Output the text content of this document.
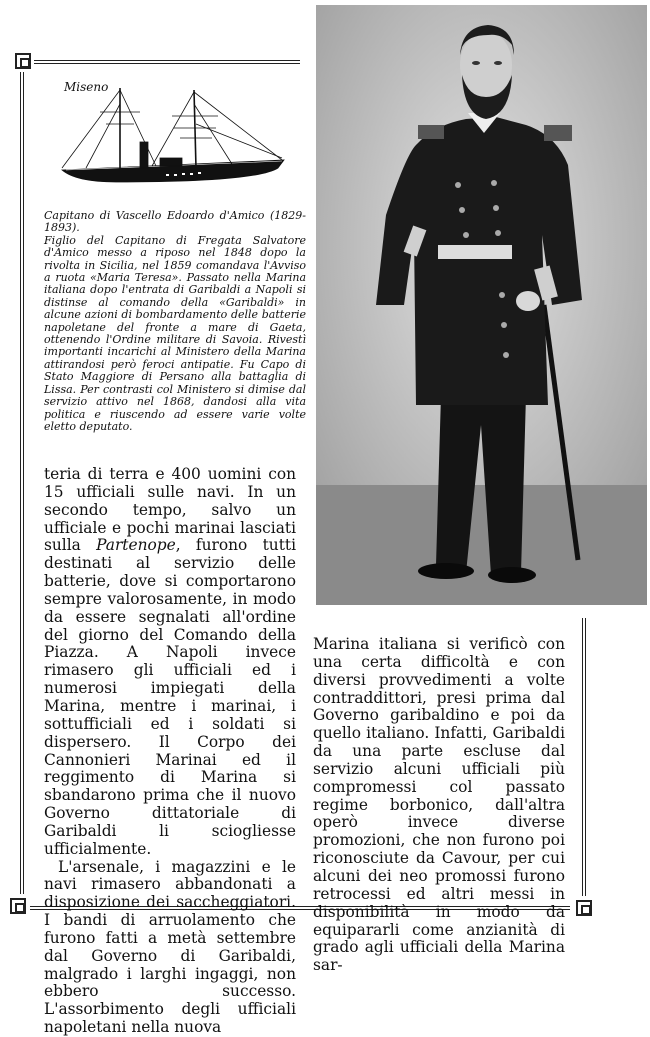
Miseno

Capitano di Vascello Edoardo d'Amico (1829-1893).

Figlio del Capitano di Fregata Salvatore d'Amico messo a riposo nel 1848 dopo la rivolta in Sicilia, nel 1859 comandava l'Avviso a ruota «Maria Teresa». Passato nella Marina italiana dopo l'entrata di Garibaldi a Napoli si distinse al comando della «Garibaldi» in alcune azioni di bombardamento delle batterie napoletane del fronte a mare di Gaeta, ottenendo l'Ordine militare di Savoia. Rivestì importanti incarichi al Ministero della Marina attirandosi però feroci antipatie. Fu Capo di Stato Maggiore di Persano alla battaglia di Lissa. Per contrasti col Ministero si dimise dal servizio attivo nel 1868, dandosi alla vita politica e riuscendo ad essere varie volte eletto deputato.

teria di terra e 400 uomini con 15 ufficiali sulle navi. In un secondo tempo, salvo un ufficiale e pochi marinai lasciati sulla Partenope, furono tutti destinati al servizio delle batterie, dove si comportarono sempre valorosamente, in modo da essere segnalati all'ordine del giorno del Comando della Piazza. A Napoli invece rimasero gli ufficiali ed i numerosi impiegati della Marina, mentre i marinai, i sottufficiali ed i soldati si dispersero. Il Corpo dei Cannonieri Marinai ed il reggimento di Marina si sbandarono prima che il nuovo Governo dittatoriale di Garibaldi li sciogliesse ufficialmente.

L'arsenale, i magazzini e le navi rimasero abbandonati a disposizione dei saccheggiatori. I bandi di arruolamento che furono fatti a metà settembre dal Governo di Garibaldi, malgrado i larghi ingaggi, non ebbero successo. L'assorbimento degli ufficiali napoletani nella nuova

Marina italiana si verificò con una certa difficoltà e con diversi provvedimenti a volte contraddittori, presi prima dal Governo garibaldino e poi da quello italiano. Infatti, Garibaldi da una parte escluse dal servizio alcuni ufficiali più compromessi col passato regime borbonico, dall'altra operò invece diverse promozioni, che non furono poi riconosciute da Cavour, per cui alcuni dei neo promossi furono retrocessi ed altri messi in disponibilità in modo da equipararli come anzianità di grado agli ufficiali della Marina sar-
